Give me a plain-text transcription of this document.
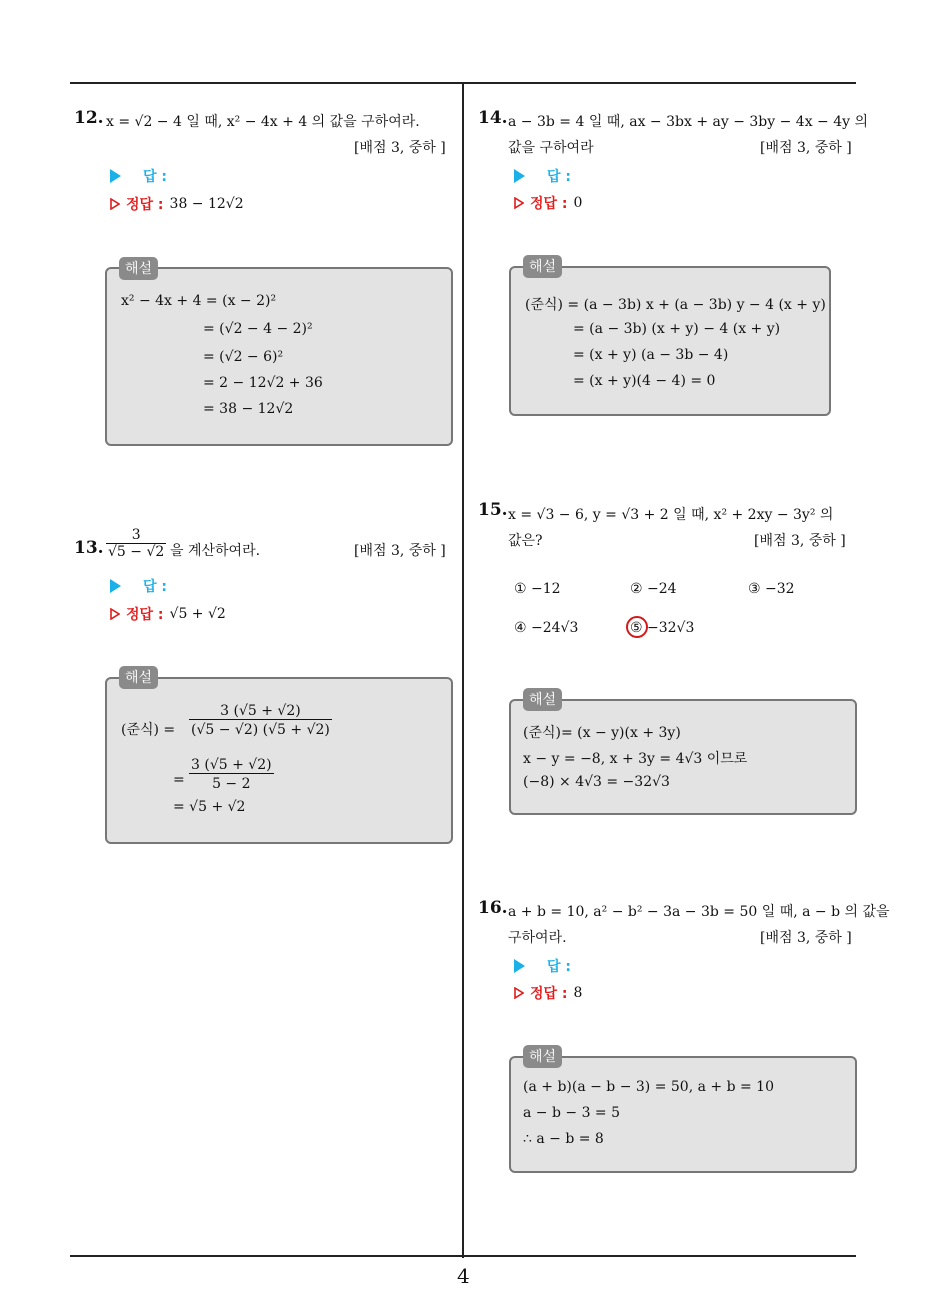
12. x = √2 − 4 일 때, x² − 4x + 4 의 값을 구하여라.
[배점 3, 중하 ]
답 :
정답 : 38 − 12√2
x² − 4x + 4 = (x − 2)²
= (√2 − 4 − 2)²
= (√2 − 6)²
= 2 − 12√2 + 36
= 38 − 12√2
해설
13. $\frac{3}{√5 - √2}$ 을 계산하여라.	[배점 3, 중하 ]
답 :
정답 : √5 + √2
(준식) = $\frac{3 (√5 + √2)}{(√5 - √2) (√5 + √2)}$
= $\frac{3 (√5 + √2)}{5 - 2}$
= √5 + √2
해설
14. a − 3b = 4 일 때, ax − 3bx + ay − 3by − 4x − 4y 의
값을 구하여라	[배점 3, 중하 ]
답 :
정답 : 0
(준식) = (a − 3b) x + (a − 3b) y − 4 (x + y)
= (a − 3b) (x + y) − 4 (x + y)
= (x + y) (a − 3b − 4)
= (x + y)(4 − 4) = 0
해설
15. x = √3 − 6, y = √3 + 2 일 때, x² + 2xy − 3y² 의
값은?	[배점 3, 중하 ]
① −12	② −24	③ −32
④ −24√3	⑤ −32√3
(준식)= (x − y)(x + 3y)
x − y = −8, x + 3y = 4√3 이므로
(−8) × 4√3 = −32√3
해설
16. a + b = 10, a² − b² − 3a − 3b = 50 일 때, a − b 의 값을
구하여라.	[배점 3, 중하 ]
답 :
정답 : 8
(a + b)(a − b − 3) = 50, a + b = 10
a − b − 3 = 5
∴ a − b = 8
해설
4
